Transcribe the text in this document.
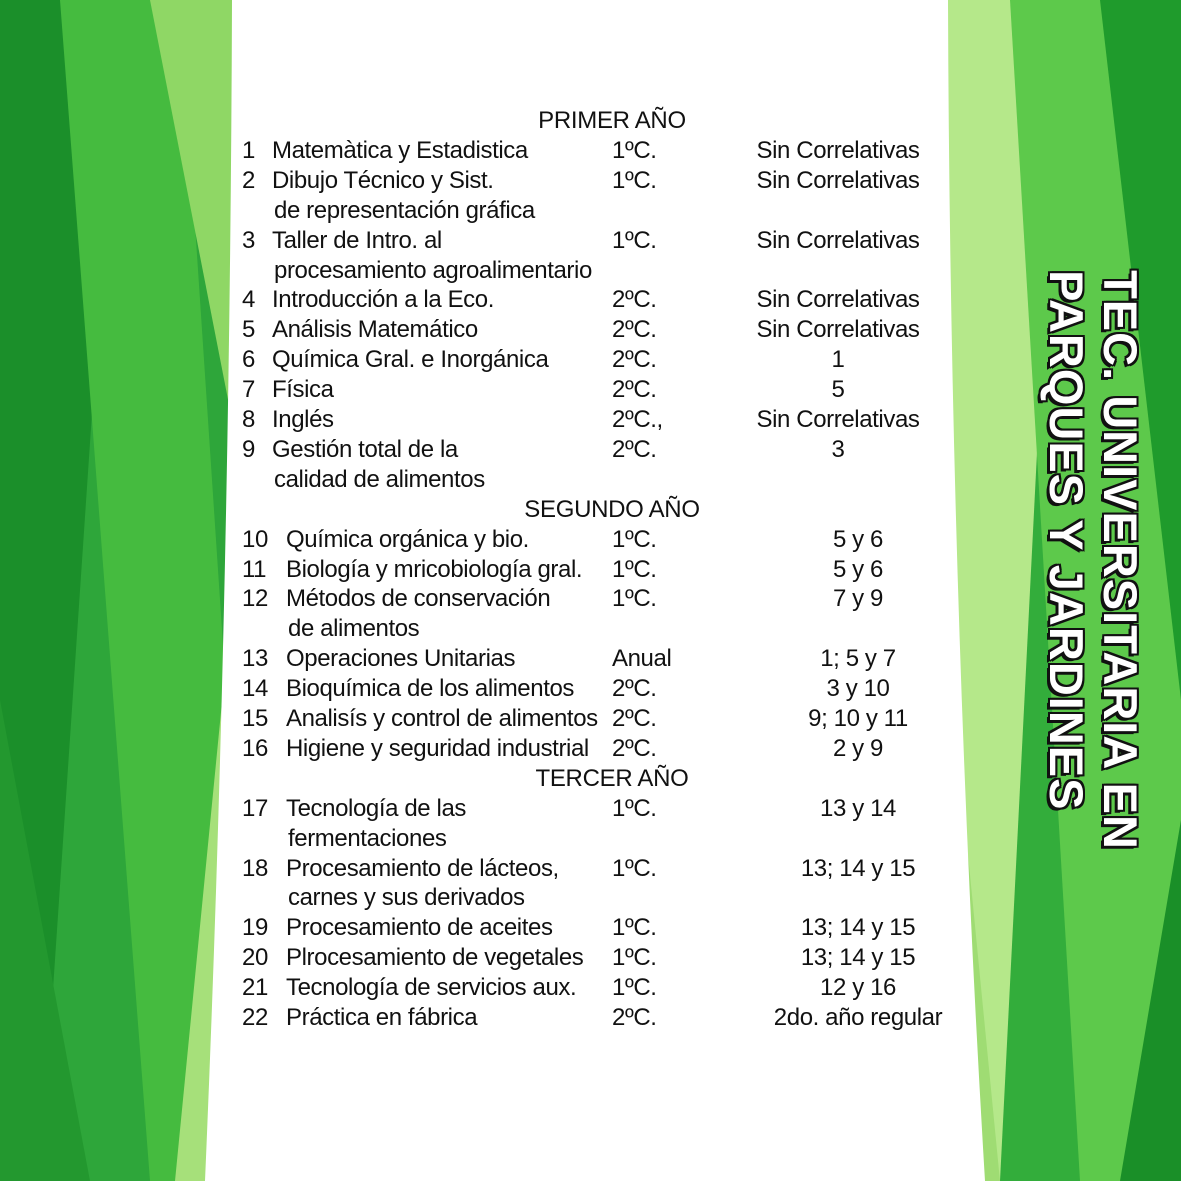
PRIMER AÑO
1 Matemàtica y Estadistica	1ºC.	Sin Correlativas
2 Dibujo Técnico y Sist.	1ºC.	Sin Correlativas
de representación gráfica
3 Taller de Intro. al	1ºC.	Sin Correlativas
procesamiento agroalimentario
4 Introducción a la Eco.	2ºC.	Sin Correlativas
5 Análisis Matemático	2ºC.	Sin Correlativas
6 Química Gral. e Inorgánica	2ºC.	1
7 Física	2ºC.	5
8 Inglés	2ºC.,	Sin Correlativas
9 Gestión total de la	2ºC.	3
calidad de alimentos
SEGUNDO AÑO
10 Química orgánica y bio.	1ºC.	5 y 6
11 Biología y mricobiología gral. 1ºC.	5 y 6
12 Métodos de conservación	1ºC.	7 y 9
de alimentos
13 Operaciones Unitarias	Anual	1; 5 y 7
14 Bioquímica de los alimentos 2ºC.	3 y 10
15 Analisís y control de alimentos 2ºC.	9; 10 y 11
16 Higiene y seguridad industrial 2ºC.	2 y 9
TERCER AÑO
17 Tecnología de las	1ºC.	13 y 14
fermentaciones
18 Procesamiento de lácteos, 1ºC.	13; 14 y 15
carnes y sus derivados
19 Procesamiento de aceites 1ºC.	13; 14 y 15
20 Plrocesamiento de vegetales 1ºC.	13; 14 y 15
21 Tecnología de servicios aux. 1ºC.	12 y 16
22 Práctica en fábrica	2ºC.	2do. año regular
TEC. UNIVERSITARIA EN
PARQUES Y JARDINES
